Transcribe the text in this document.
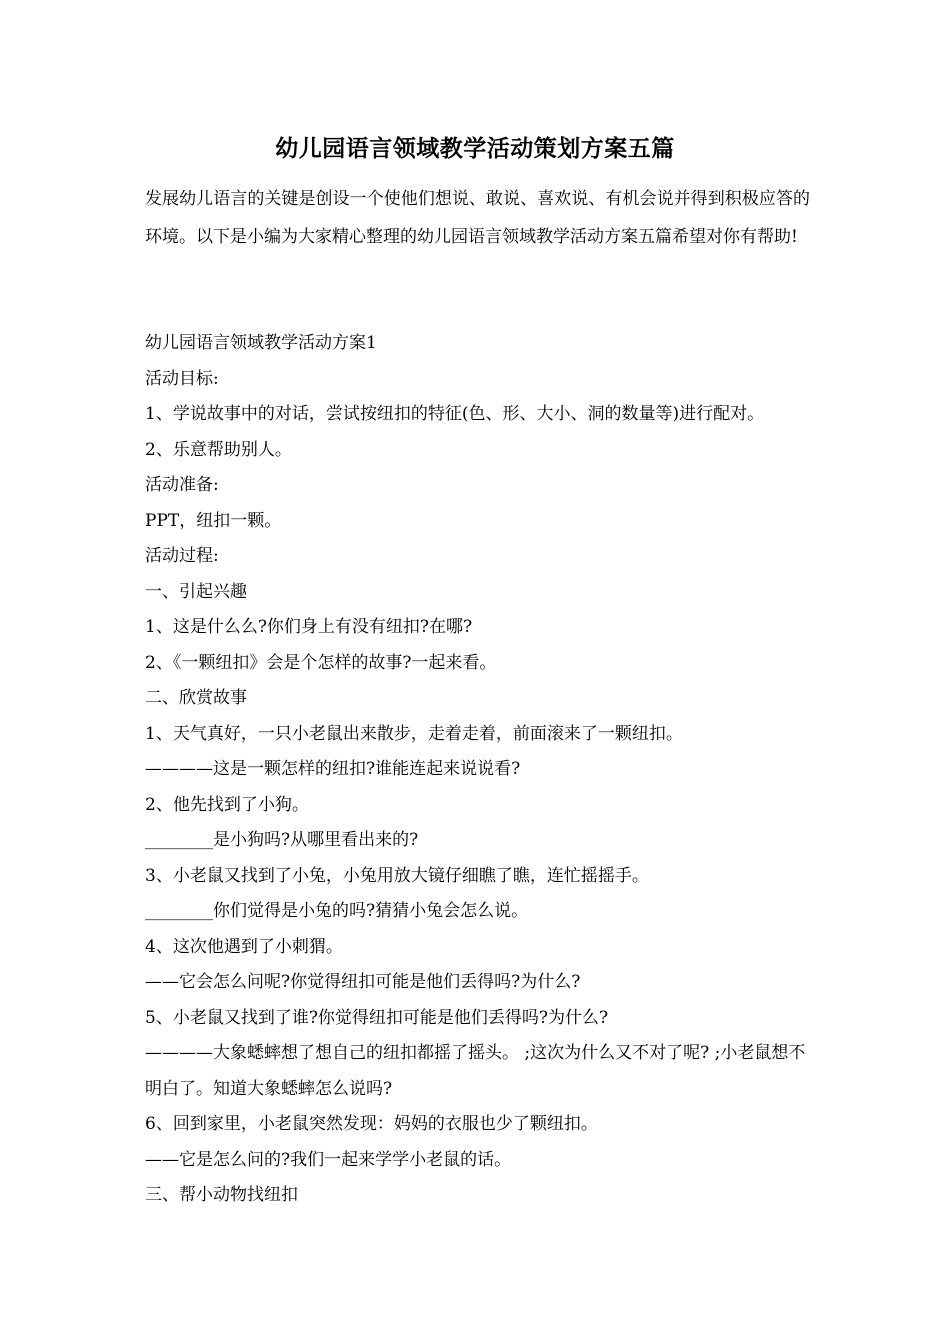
幼儿园语言领域教学活动策划方案五篇
发展幼儿语言的关键是创设一个使他们想说、敢说、喜欢说、有机会说并得到积极应答的环境。以下是小编为大家精心整理的幼儿园语言领域教学活动方案五篇希望对你有帮助!
幼儿园语言领域教学活动方案1
活动目标:
1、学说故事中的对话，尝试按纽扣的特征(色、形、大小、洞的数量等)进行配对。
2、乐意帮助别人。
活动准备:
PPT，纽扣一颗。
活动过程:
一、引起兴趣
1、这是什么么?你们身上有没有纽扣?在哪?
2、《一颗纽扣》会是个怎样的故事?一起来看。
二、欣赏故事
1、天气真好，一只小老鼠出来散步，走着走着，前面滚来了一颗纽扣。
————这是一颗怎样的纽扣?谁能连起来说说看?
2、他先找到了小狗。
________是小狗吗?从哪里看出来的?
3、小老鼠又找到了小兔，小兔用放大镜仔细瞧了瞧，连忙摇摇手。
________你们觉得是小兔的吗?猜猜小兔会怎么说。
4、这次他遇到了小刺猬。
——它会怎么问呢?你觉得纽扣可能是他们丢得吗?为什么?
5、小老鼠又找到了谁?你觉得纽扣可能是他们丢得吗?为什么?
————大象蟋蟀想了想自己的纽扣都摇了摇头。 ;这次为什么又不对了呢? ;小老鼠想不明白了。知道大象蟋蟀怎么说吗?
6、回到家里，小老鼠突然发现：妈妈的衣服也少了颗纽扣。
——它是怎么问的?我们一起来学学小老鼠的话。
三、帮小动物找纽扣
